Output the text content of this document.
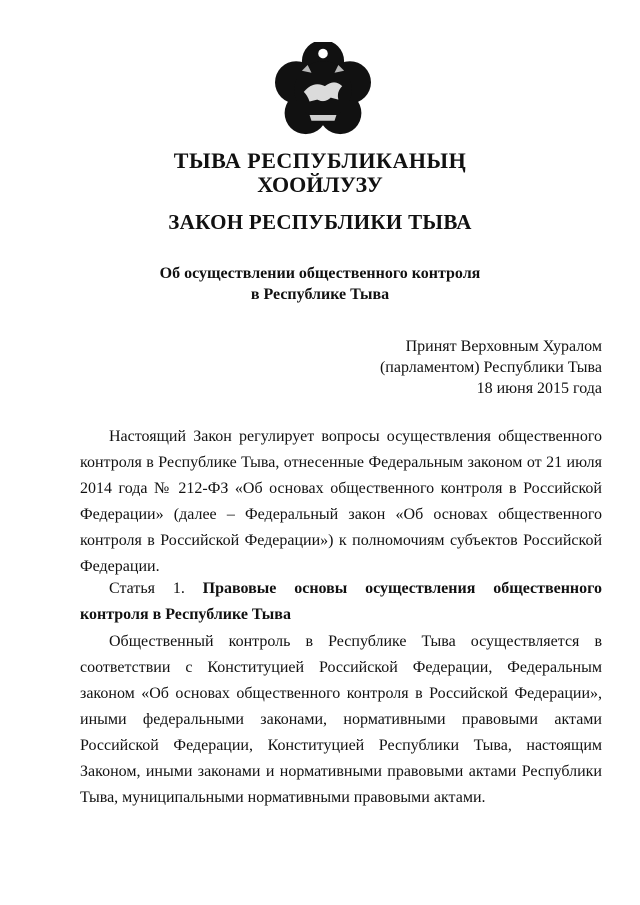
ТЫВА РЕСПУБЛИКАНЫҢ
ХООЙЛУЗУ
ЗАКОН РЕСПУБЛИКИ ТЫВА
Об осуществлении общественного контроля
в Республике Тыва
Принят Верховным Хуралом
(парламентом) Республики Тыва
18 июня 2015 года
Настоящий Закон регулирует вопросы осуществления общественного контроля в Республике Тыва, отнесенные Федеральным законом от 21 июля 2014 года № 212-ФЗ «Об основах общественного контроля в Российской Федерации» (далее – Федеральный закон «Об основах общественного контроля в Российской Федерации») к полномочиям субъектов Российской Федерации.
Статья 1. Правовые основы осуществления общественного контроля в Республике Тыва
Общественный контроль в Республике Тыва осуществляется в соответствии с Конституцией Российской Федерации, Федеральным законом «Об основах общественного контроля в Российской Федерации», иными федеральными законами, нормативными правовыми актами Российской Федерации, Конституцией Республики Тыва, настоящим Законом, иными законами и нормативными правовыми актами Республики Тыва, муниципальными нормативными правовыми актами.
